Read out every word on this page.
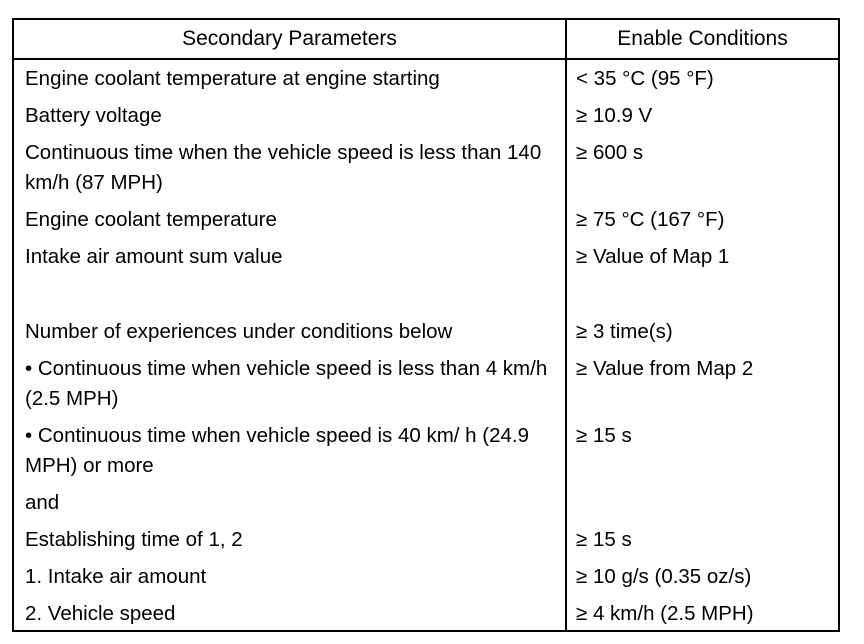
Secondary Parameters	Enable Conditions
Engine coolant temperature at engine starting	< 35 °C (95 °F)
Battery voltage	≥ 10.9 V
Continuous time when the vehicle speed is less than 140 km/h (87 MPH)	≥ 600 s
Engine coolant temperature	≥ 75 °C (167 °F)
Intake air amount sum value	≥ Value of Map 1

Number of experiences under conditions below	≥ 3 time(s)
• Continuous time when vehicle speed is less than 4 km/h (2.5 MPH)	≥ Value from Map 2
• Continuous time when vehicle speed is 40 km/ h (24.9 MPH) or more	≥ 15 s
and	
Establishing time of 1, 2	≥ 15 s
1. Intake air amount	≥ 10 g/s (0.35 oz/s)
2. Vehicle speed	≥ 4 km/h (2.5 MPH)
